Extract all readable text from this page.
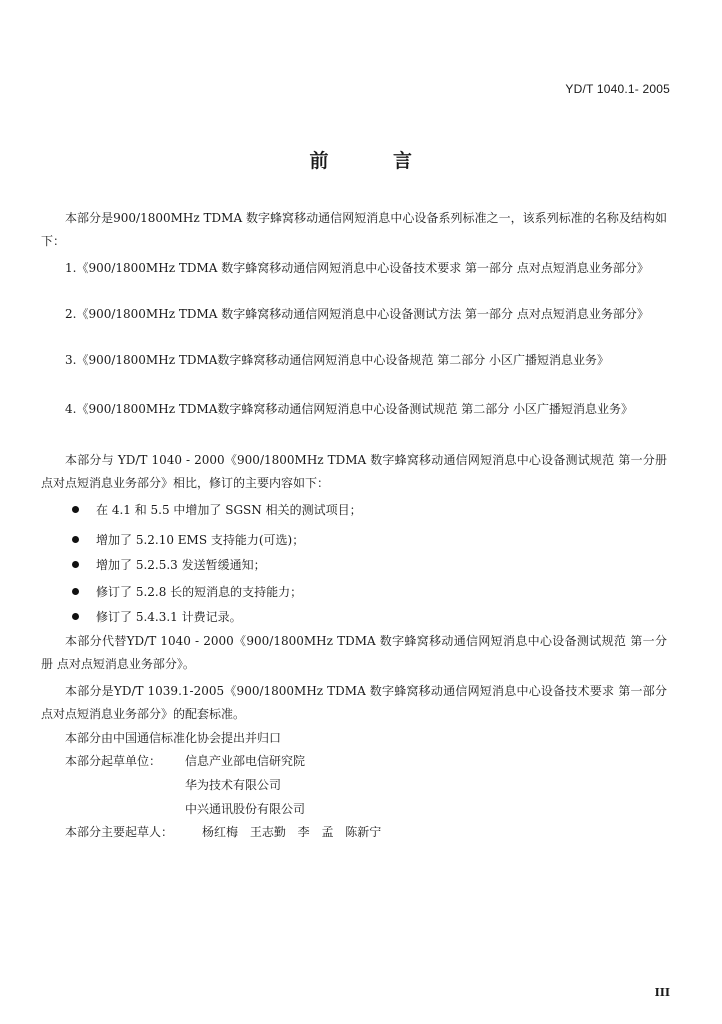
YD/T 1040.1- 2005
前	言
本部分是900/1800MHz TDMA 数字蜂窝移动通信网短消息中心设备系列标准之一，该系列标准的名称及结构如下：
1.《900/1800MHz TDMA 数字蜂窝移动通信网短消息中心设备技术要求 第一部分 点对点短消息业务部分》
2.《900/1800MHz TDMA 数字蜂窝移动通信网短消息中心设备测试方法 第一部分 点对点短消息业务部分》
3.《900/1800MHz TDMA数字蜂窝移动通信网短消息中心设备规范 第二部分 小区广播短消息业务》
4.《900/1800MHz TDMA数字蜂窝移动通信网短消息中心设备测试规范 第二部分 小区广播短消息业务》
本部分与 YD/T 1040 - 2000《900/1800MHz TDMA 数字蜂窝移动通信网短消息中心设备测试规范 第一分册 点对点短消息业务部分》相比，修订的主要内容如下：
在 4.1 和 5.5 中增加了 SGSN 相关的测试项目；
增加了 5.2.10 EMS 支持能力(可选)；
增加了 5.2.5.3 发送暂缓通知；
修订了 5.2.8 长的短消息的支持能力；
修订了 5.4.3.1 计费记录。
本部分代替YD/T 1040 - 2000《900/1800MHz TDMA 数字蜂窝移动通信网短消息中心设备测试规范 第一分册 点对点短消息业务部分》。
本部分是YD/T 1039.1-2005《900/1800MHz TDMA 数字蜂窝移动通信网短消息中心设备技术要求 第一部分 点对点短消息业务部分》的配套标准。
本部分由中国通信标准化协会提出并归口
本部分起草单位： 信息产业部电信研究院
华为技术有限公司
中兴通讯股份有限公司
本部分主要起草人： 杨红梅 王志勤 李 孟 陈新宁
III
